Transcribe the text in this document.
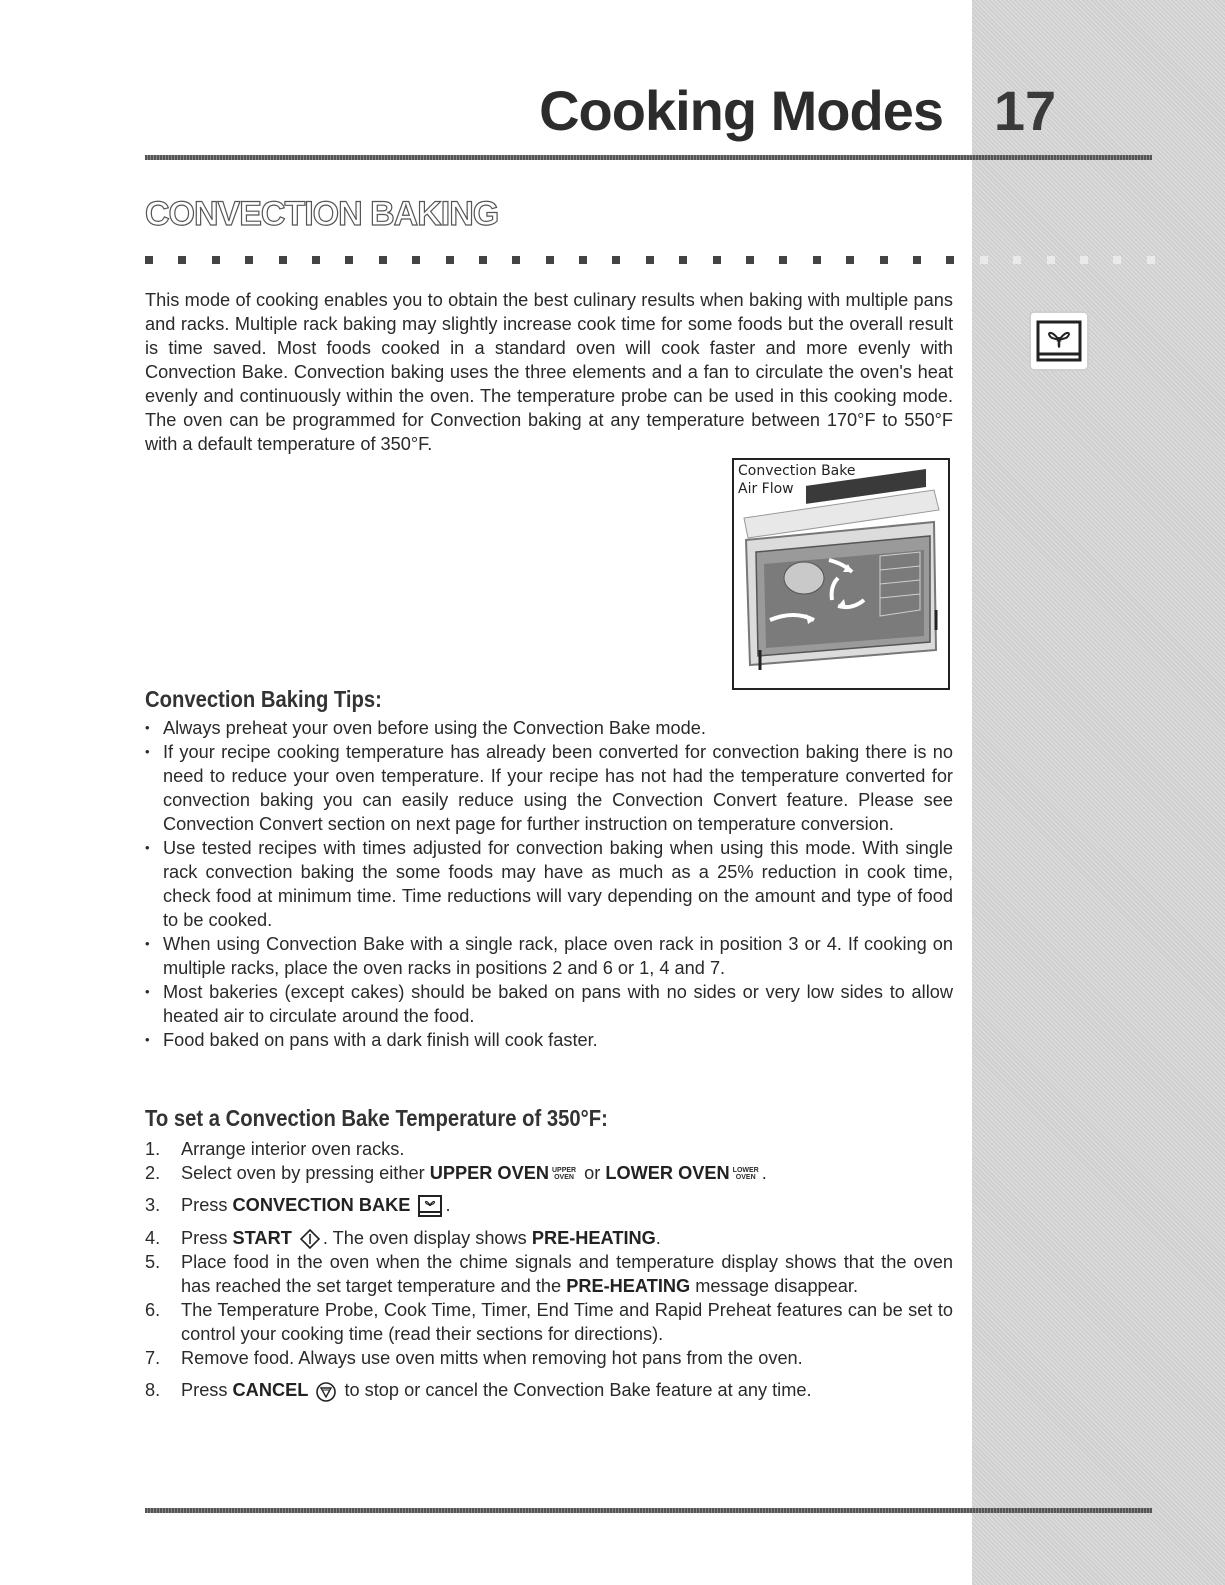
Cooking Modes 17
CONVECTION BAKING

This mode of cooking enables you to obtain the best culinary results when baking with multiple pans and racks. Multiple rack baking may slightly increase cook time for some foods but the overall result is time saved. Most foods cooked in a standard oven will cook faster and more evenly with Convection Bake. Convection baking uses the three elements and a fan to circulate the oven's heat evenly and continuously within the oven. The temperature probe can be used in this cooking mode. The oven can be programmed for Convection baking at any temperature between 170°F to 550°F with a default temperature of 350°F.

Convection Bake
Air Flow

Convection Baking Tips:
• Always preheat your oven before using the Convection Bake mode.
• If your recipe cooking temperature has already been converted for convection baking there is no need to reduce your oven temperature. If your recipe has not had the temperature converted for convection baking you can easily reduce using the Convection Convert feature. Please see Convection Convert section on next page for further instruction on temperature conversion.
• Use tested recipes with times adjusted for convection baking when using this mode. With single rack convection baking the some foods may have as much as a 25% reduction in cook time, check food at minimum time. Time reductions will vary depending on the amount and type of food to be cooked.
• When using Convection Bake with a single rack, place oven rack in position 3 or 4. If cooking on multiple racks, place the oven racks in positions 2 and 6 or 1, 4 and 7.
• Most bakeries (except cakes) should be baked on pans with no sides or very low sides to allow heated air to circulate around the food.
• Food baked on pans with a dark finish will cook faster.
To set a Convection Bake Temperature of 350°F:
1. Arrange interior oven racks.
2. Select oven by pressing either UPPER OVEN UPPER
OVEN or LOWER OVEN LOWER
OVEN .
3. Press CONVECTION BAKE .
4. Press START . The oven display shows PRE-HEATING.
5. Place food in the oven when the chime signals and temperature display shows that the oven has reached the set target temperature and the PRE-HEATING message disappear.
6. The Temperature Probe, Cook Time, Timer, End Time and Rapid Preheat features can be set to control your cooking time (read their sections for directions).
7. Remove food. Always use oven mitts when removing hot pans from the oven.
8. Press CANCEL  to stop or cancel the Convection Bake feature at any time.
